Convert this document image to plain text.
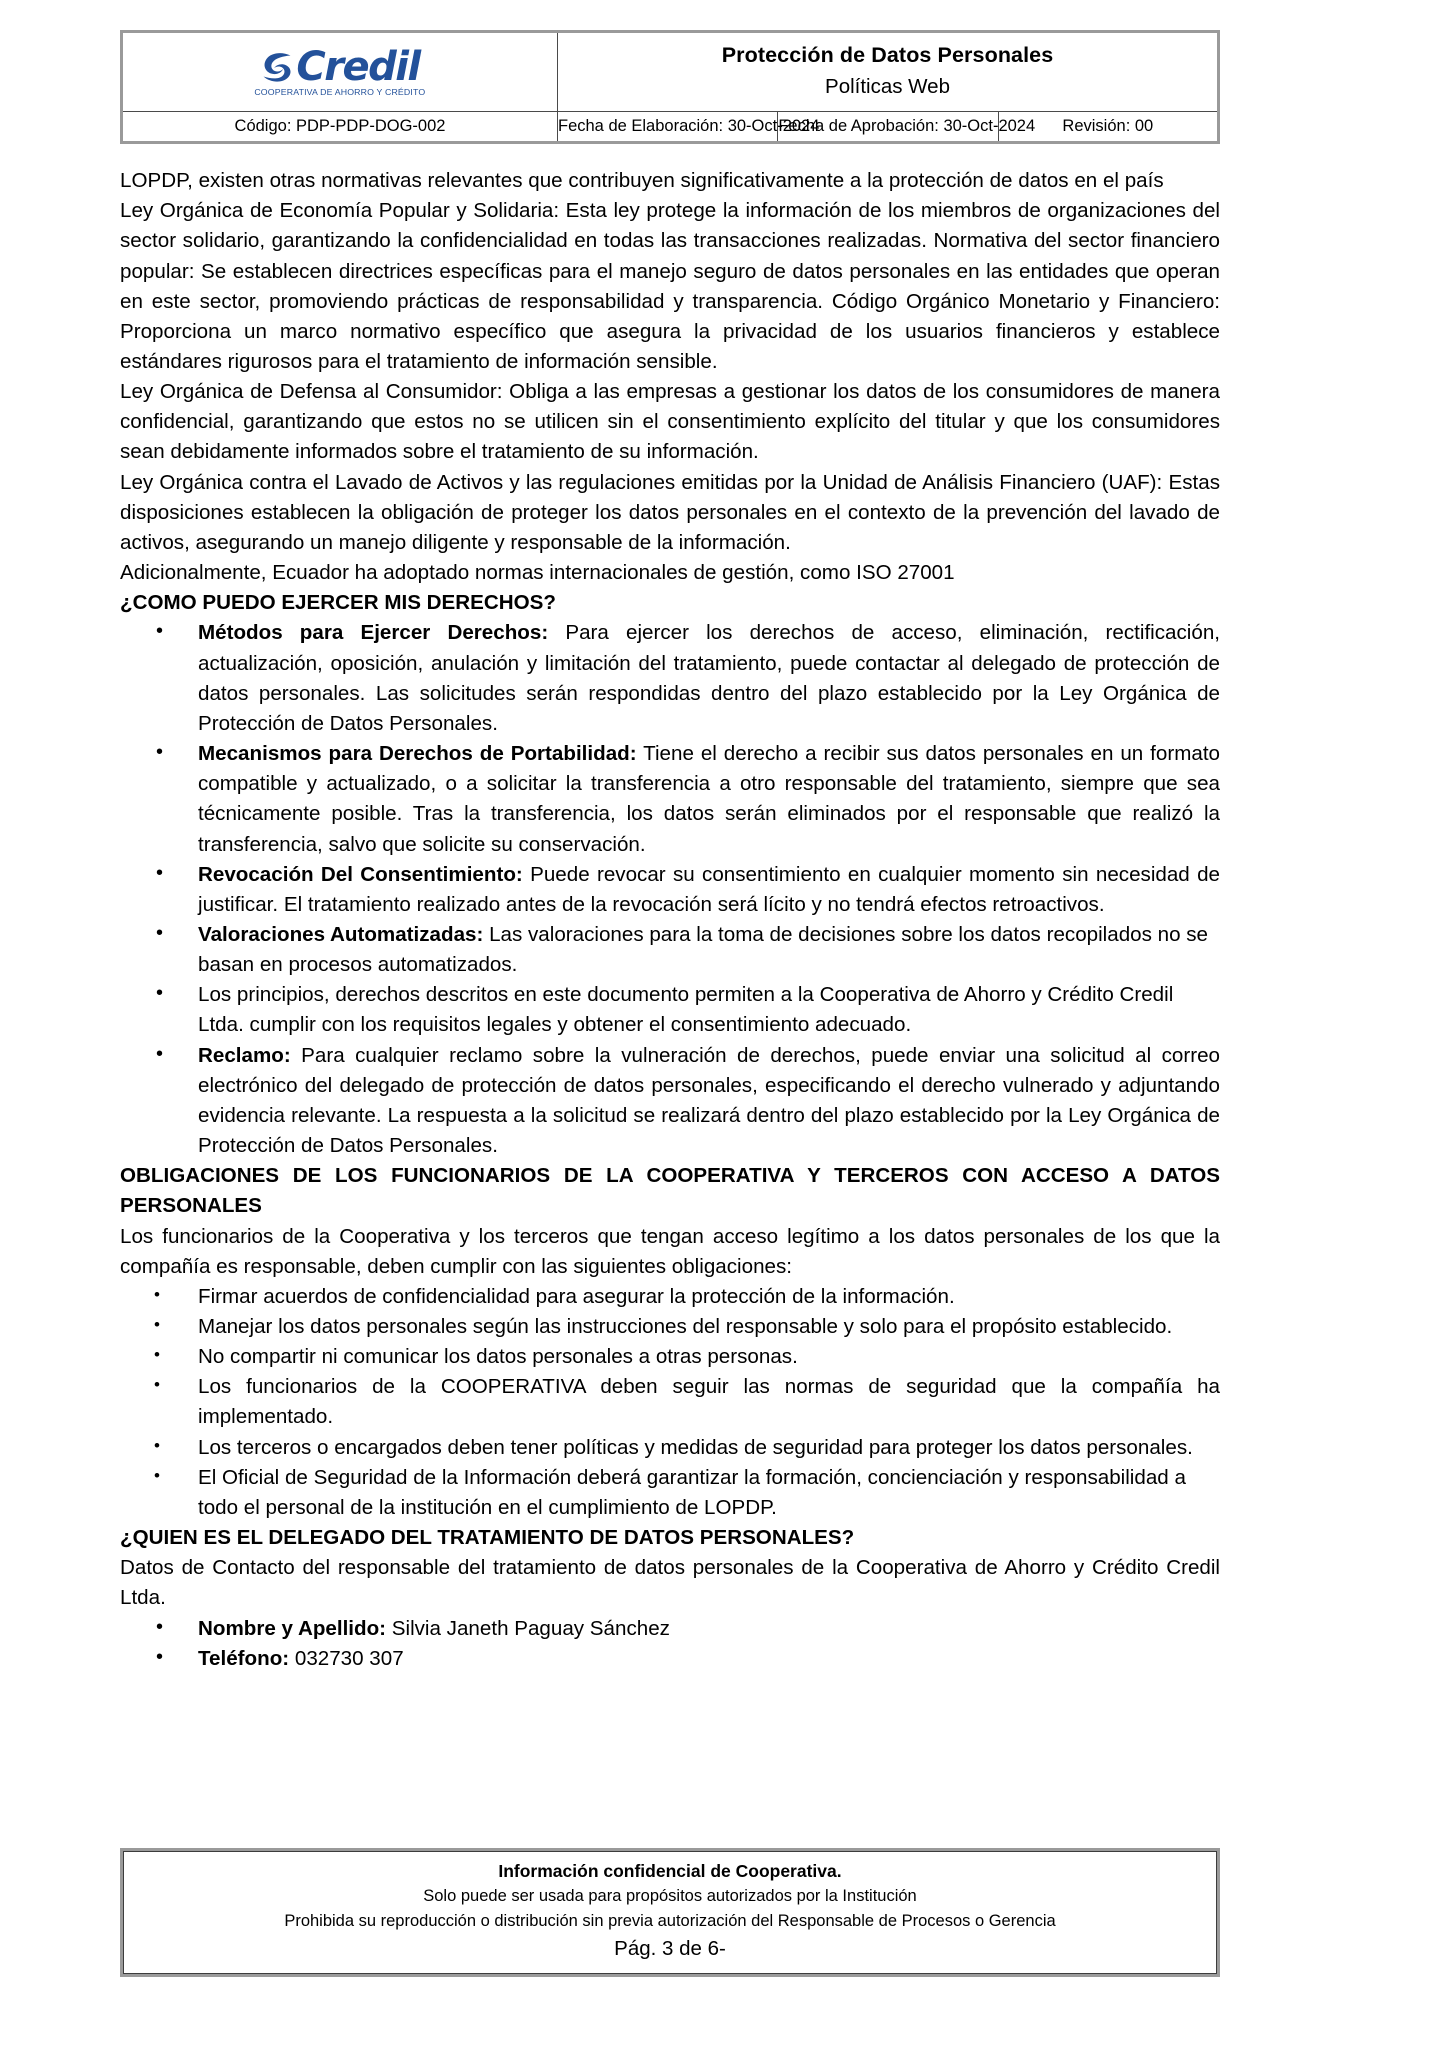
Credil
COOPERATIVA DE AHORRO Y CRÉDITO

Protección de Datos Personales
Políticas Web

Código: PDP-PDP-DOG-002	Fecha de Elaboración: 30-Oct-2024	Fecha de Aprobación: 30-Oct-2024	Revisión: 00

LOPDP, existen otras normativas relevantes que contribuyen significativamente a la protección de datos en el país

Ley Orgánica de Economía Popular y Solidaria: Esta ley protege la información de los miembros de organizaciones del sector solidario, garantizando la confidencialidad en todas las transacciones realizadas. Normativa del sector financiero popular: Se establecen directrices específicas para el manejo seguro de datos personales en las entidades que operan en este sector, promoviendo prácticas de responsabilidad y transparencia. Código Orgánico Monetario y Financiero: Proporciona un marco normativo específico que asegura la privacidad de los usuarios financieros y establece estándares rigurosos para el tratamiento de información sensible.

Ley Orgánica de Defensa al Consumidor: Obliga a las empresas a gestionar los datos de los consumidores de manera confidencial, garantizando que estos no se utilicen sin el consentimiento explícito del titular y que los consumidores sean debidamente informados sobre el tratamiento de su información.

Ley Orgánica contra el Lavado de Activos y las regulaciones emitidas por la Unidad de Análisis Financiero (UAF): Estas disposiciones establecen la obligación de proteger los datos personales en el contexto de la prevención del lavado de activos, asegurando un manejo diligente y responsable de la información.

Adicionalmente, Ecuador ha adoptado normas internacionales de gestión, como ISO 27001

¿COMO PUEDO EJERCER MIS DERECHOS?

• Métodos para Ejercer Derechos: Para ejercer los derechos de acceso, eliminación, rectificación, actualización, oposición, anulación y limitación del tratamiento, puede contactar al delegado de protección de datos personales. Las solicitudes serán respondidas dentro del plazo establecido por la Ley Orgánica de Protección de Datos Personales.
• Mecanismos para Derechos de Portabilidad: Tiene el derecho a recibir sus datos personales en un formato compatible y actualizado, o a solicitar la transferencia a otro responsable del tratamiento, siempre que sea técnicamente posible. Tras la transferencia, los datos serán eliminados por el responsable que realizó la transferencia, salvo que solicite su conservación.
• Revocación Del Consentimiento: Puede revocar su consentimiento en cualquier momento sin necesidad de justificar. El tratamiento realizado antes de la revocación será lícito y no tendrá efectos retroactivos.
• Valoraciones Automatizadas: Las valoraciones para la toma de decisiones sobre los datos recopilados no se basan en procesos automatizados.
• Los principios, derechos descritos en este documento permiten a la Cooperativa de Ahorro y Crédito Credil Ltda. cumplir con los requisitos legales y obtener el consentimiento adecuado.
• Reclamo: Para cualquier reclamo sobre la vulneración de derechos, puede enviar una solicitud al correo electrónico del delegado de protección de datos personales, especificando el derecho vulnerado y adjuntando evidencia relevante. La respuesta a la solicitud se realizará dentro del plazo establecido por la Ley Orgánica de Protección de Datos Personales.

OBLIGACIONES DE LOS FUNCIONARIOS DE LA COOPERATIVA Y TERCEROS CON ACCESO A DATOS PERSONALES

Los funcionarios de la Cooperativa y los terceros que tengan acceso legítimo a los datos personales de los que la compañía es responsable, deben cumplir con las siguientes obligaciones:

• Firmar acuerdos de confidencialidad para asegurar la protección de la información.
• Manejar los datos personales según las instrucciones del responsable y solo para el propósito establecido.
• No compartir ni comunicar los datos personales a otras personas.
• Los funcionarios de la COOPERATIVA deben seguir las normas de seguridad que la compañía ha implementado.
• Los terceros o encargados deben tener políticas y medidas de seguridad para proteger los datos personales.
• El Oficial de Seguridad de la Información deberá garantizar la formación, concienciación y responsabilidad a todo el personal de la institución en el cumplimiento de LOPDP.

¿QUIEN ES EL DELEGADO DEL TRATAMIENTO DE DATOS PERSONALES?

Datos de Contacto del responsable del tratamiento de datos personales de la Cooperativa de Ahorro y Crédito Credil Ltda.

• Nombre y Apellido: Silvia Janeth Paguay Sánchez
• Teléfono: 032730 307
Información confidencial de Cooperativa.
Solo puede ser usada para propósitos autorizados por la Institución
Prohibida su reproducción o distribución sin previa autorización del Responsable de Procesos o Gerencia
Pág. 3 de 6-
